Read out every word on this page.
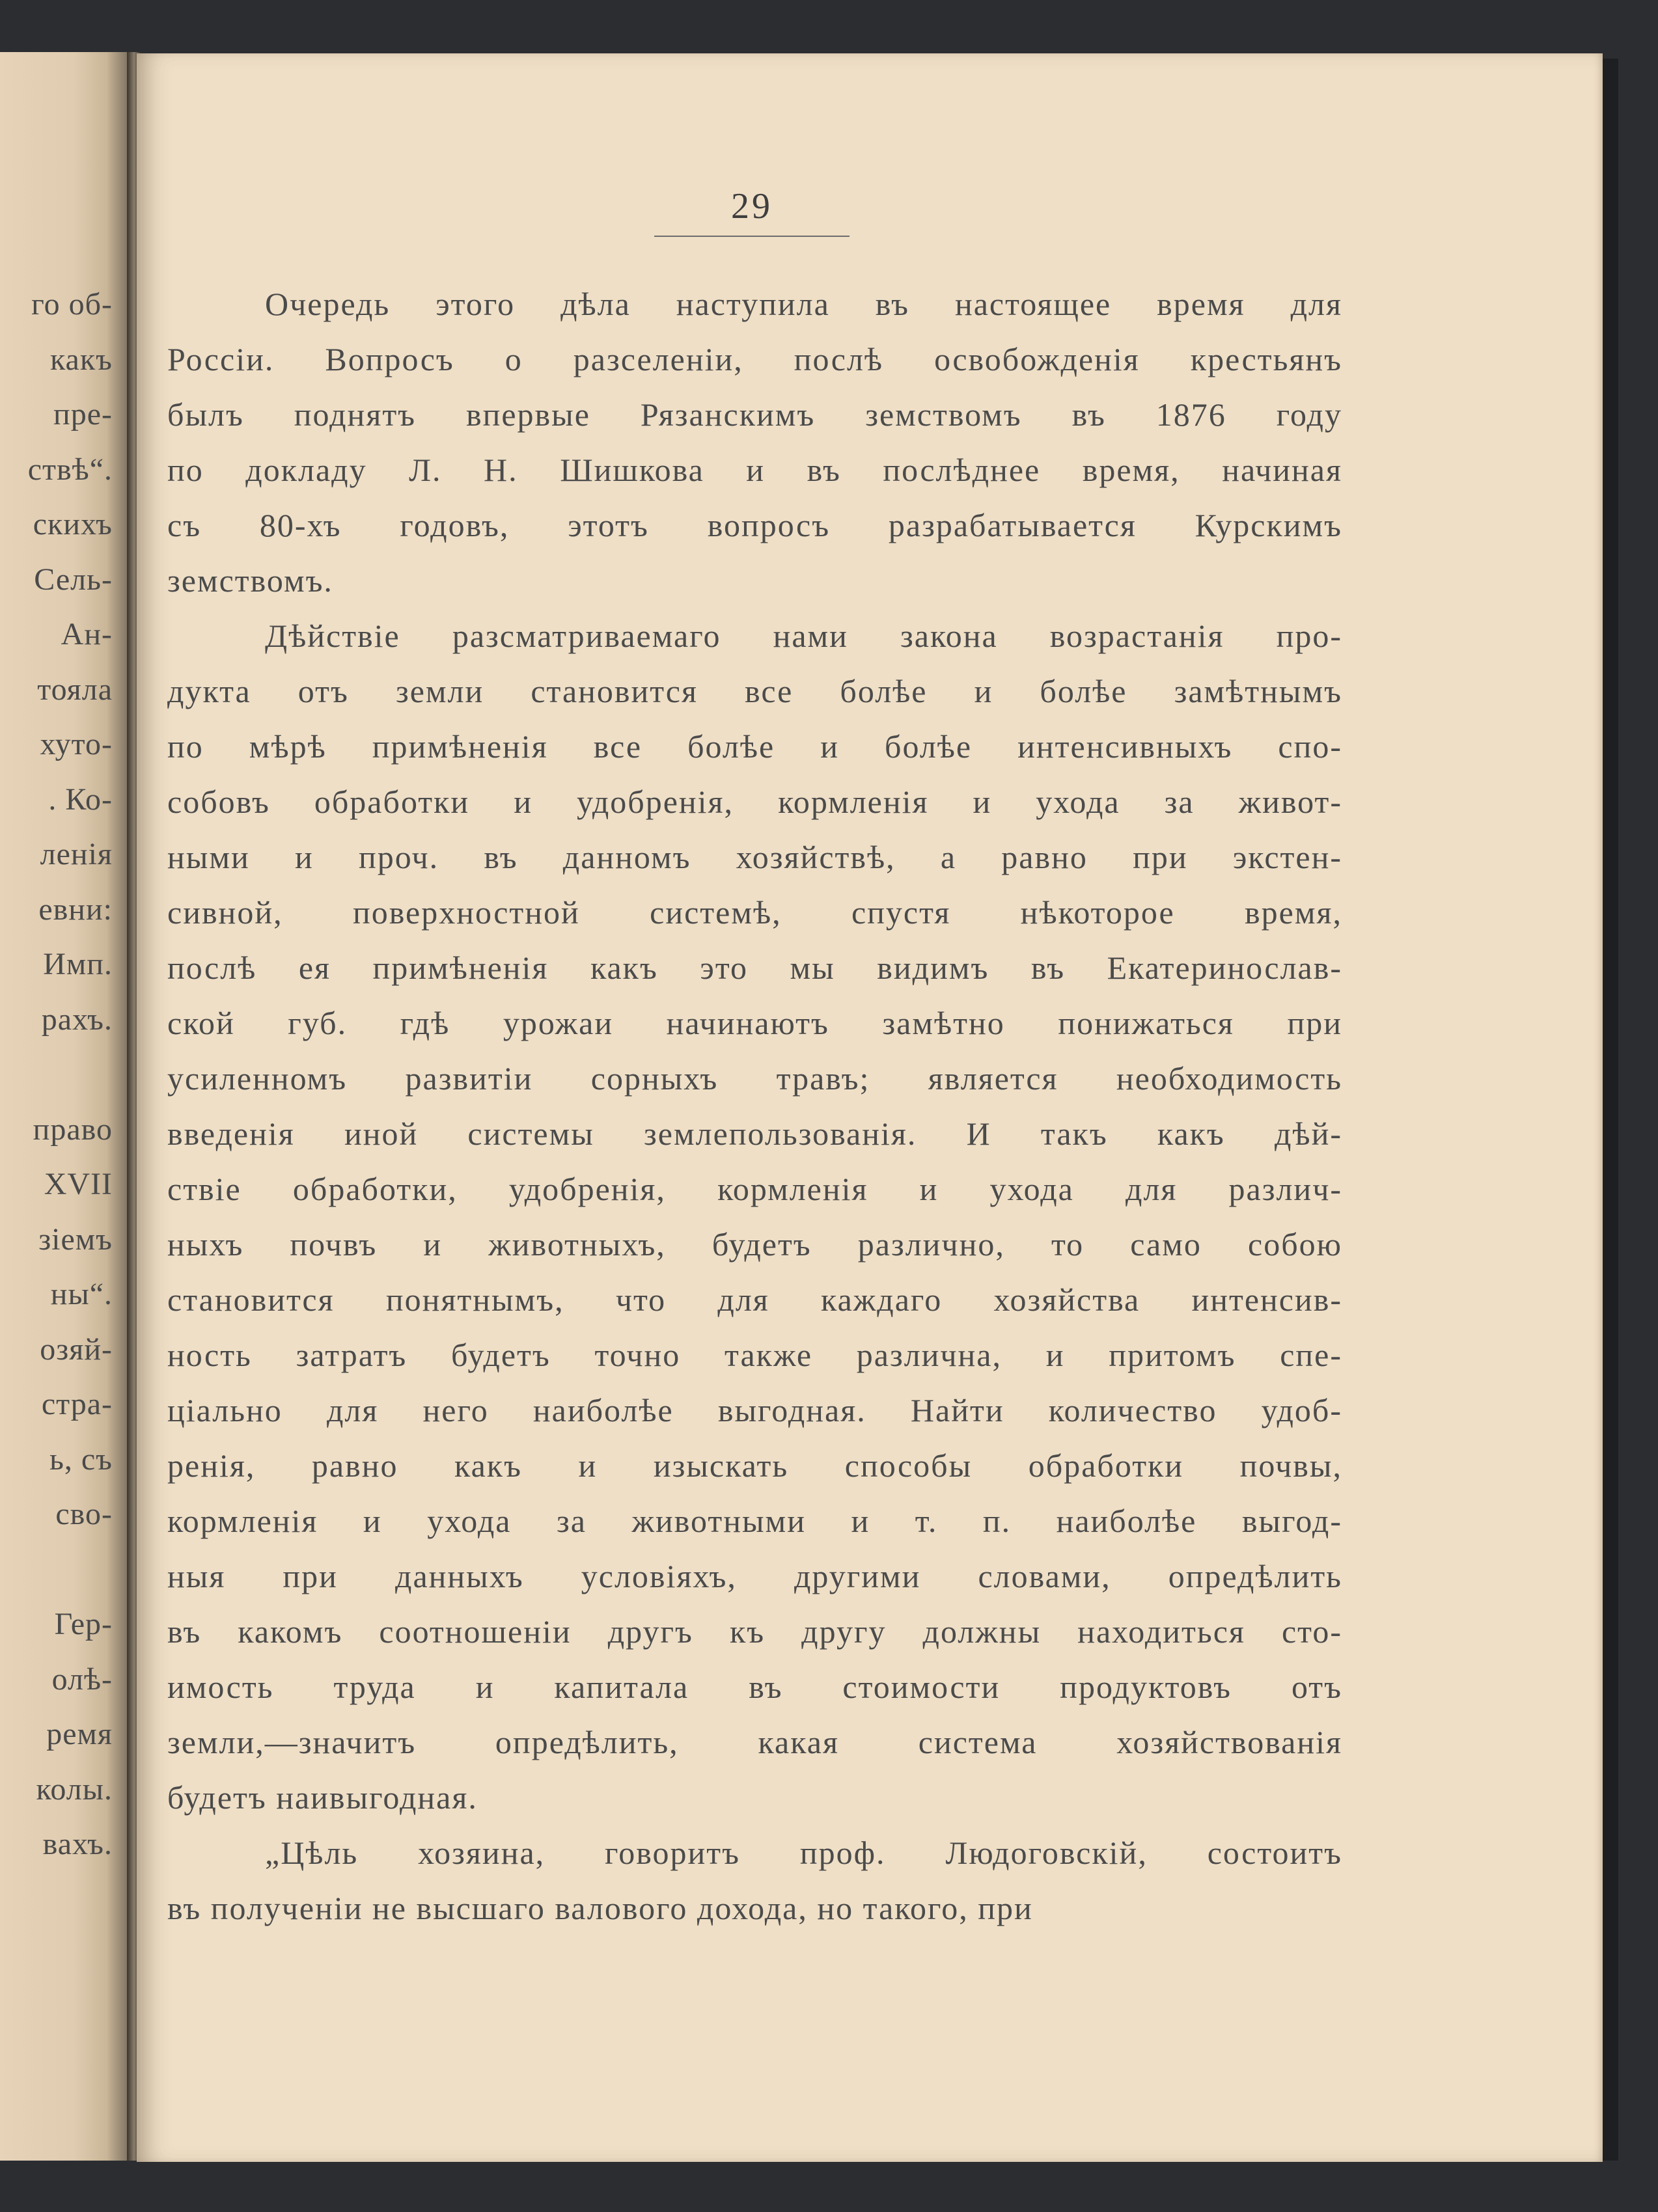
го об-
какъ
пре-
ствѣ“.
скихъ
Сель-
Ан-
тояла
хуто-
. Ко-
ленія
евни:
Имп.
рахъ.
право
XVII
зіемъ
ны“.
озяй-
стра-
ь, съ
сво-
Гер-
олѣ-
ремя
колы.
вахъ.
29
Очередь этого дѣла наступила въ настоящее время для
Россiи. Вопросъ о разселенiи, послѣ освобожденiя крестьянъ
былъ поднятъ впервые Рязанскимъ земствомъ въ 1876 году
по докладу Л. Н. Шишкова и въ послѣднее время, начиная
съ 80-хъ годовъ, этотъ вопросъ разрабатывается Курскимъ
земствомъ.
Дѣйствiе разсматриваемаго нами закона возрастанiя про-
дукта отъ земли становится все болѣе и болѣе замѣтнымъ
по мѣрѣ примѣненiя все болѣе и болѣе интенсивныхъ спо-
собовъ обработки и удобренiя, кормленiя и ухода за живот-
ными и проч. въ данномъ хозяйствѣ, а равно при экстен-
сивной, поверхностной системѣ, спустя нѣкоторое время,
послѣ ея примѣненiя какъ это мы видимъ въ Екатеринослав-
ской губ. гдѣ урожаи начинаютъ замѣтно понижаться при
усиленномъ развитiи сорныхъ травъ; является необходимость
введенiя иной системы землепользованiя. И такъ какъ дѣй-
ствiе обработки, удобренiя, кормленiя и ухода для различ-
ныхъ почвъ и животныхъ, будетъ различно, то само собою
становится понятнымъ, что для каждаго хозяйства интенсив-
ность затратъ будетъ точно также различна, и притомъ спе-
цiально для него наиболѣе выгодная. Найти количество удоб-
ренiя, равно какъ и изыскать способы обработки почвы,
кормленiя и ухода за животными и т. п. наиболѣе выгод-
ныя при данныхъ условiяхъ, другими словами, опредѣлить
въ какомъ соотношенiи другъ къ другу должны находиться сто-
имость труда и капитала въ стоимости продуктовъ отъ
земли,—значитъ опредѣлить, какая система хозяйствованiя
будетъ наивыгодная.
„Цѣль хозяина, говоритъ проф. Людоговскiй, состоитъ
въ полученiи не высшаго валового дохода, но такого, при
